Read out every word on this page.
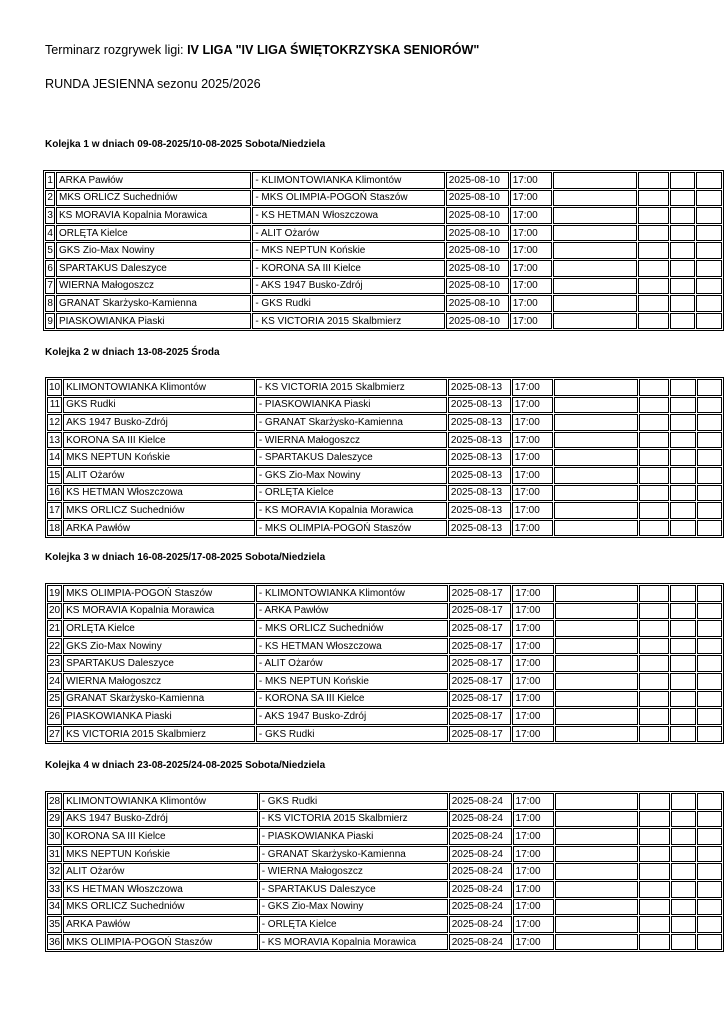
Terminarz rozgrywek ligi: IV LIGA "IV LIGA ŚWIĘTOKRZYSKA SENIORÓW"
RUNDA JESIENNA sezonu 2025/2026
Kolejka 1 w dniach 09-08-2025/10-08-2025 Sobota/Niedziela
1	ARKA Pawłów	- KLIMONTOWIANKA Klimontów	2025-08-10	17:00				
2	MKS ORLICZ Suchedniów	- MKS OLIMPIA-POGOŃ Staszów	2025-08-10	17:00				
3	KS MORAVIA Kopalnia Morawica	- KS HETMAN Włoszczowa	2025-08-10	17:00				
4	ORLĘTA Kielce	- ALIT Ożarów	2025-08-10	17:00				
5	GKS Zio-Max Nowiny	- MKS NEPTUN Końskie	2025-08-10	17:00				
6	SPARTAKUS Daleszyce	- KORONA SA III Kielce	2025-08-10	17:00				
7	WIERNA Małogoszcz	- AKS 1947 Busko-Zdrój	2025-08-10	17:00				
8	GRANAT Skarżysko-Kamienna	- GKS Rudki	2025-08-10	17:00				
9	PIASKOWIANKA Piaski	- KS VICTORIA 2015 Skalbmierz	2025-08-10	17:00				
Kolejka 2 w dniach 13-08-2025 Środa
10	KLIMONTOWIANKA Klimontów	- KS VICTORIA 2015 Skalbmierz	2025-08-13	17:00				
11	GKS Rudki	- PIASKOWIANKA Piaski	2025-08-13	17:00				
12	AKS 1947 Busko-Zdrój	- GRANAT Skarżysko-Kamienna	2025-08-13	17:00				
13	KORONA SA III Kielce	- WIERNA Małogoszcz	2025-08-13	17:00				
14	MKS NEPTUN Końskie	- SPARTAKUS Daleszyce	2025-08-13	17:00				
15	ALIT Ożarów	- GKS Zio-Max Nowiny	2025-08-13	17:00				
16	KS HETMAN Włoszczowa	- ORLĘTA Kielce	2025-08-13	17:00				
17	MKS ORLICZ Suchedniów	- KS MORAVIA Kopalnia Morawica	2025-08-13	17:00				
18	ARKA Pawłów	- MKS OLIMPIA-POGOŃ Staszów	2025-08-13	17:00				
Kolejka 3 w dniach 16-08-2025/17-08-2025 Sobota/Niedziela
19	MKS OLIMPIA-POGOŃ Staszów	- KLIMONTOWIANKA Klimontów	2025-08-17	17:00				
20	KS MORAVIA Kopalnia Morawica	- ARKA Pawłów	2025-08-17	17:00				
21	ORLĘTA Kielce	- MKS ORLICZ Suchedniów	2025-08-17	17:00				
22	GKS Zio-Max Nowiny	- KS HETMAN Włoszczowa	2025-08-17	17:00				
23	SPARTAKUS Daleszyce	- ALIT Ożarów	2025-08-17	17:00				
24	WIERNA Małogoszcz	- MKS NEPTUN Końskie	2025-08-17	17:00				
25	GRANAT Skarżysko-Kamienna	- KORONA SA III Kielce	2025-08-17	17:00				
26	PIASKOWIANKA Piaski	- AKS 1947 Busko-Zdrój	2025-08-17	17:00				
27	KS VICTORIA 2015 Skalbmierz	- GKS Rudki	2025-08-17	17:00				
Kolejka 4 w dniach 23-08-2025/24-08-2025 Sobota/Niedziela
28	KLIMONTOWIANKA Klimontów	- GKS Rudki	2025-08-24	17:00				
29	AKS 1947 Busko-Zdrój	- KS VICTORIA 2015 Skalbmierz	2025-08-24	17:00				
30	KORONA SA III Kielce	- PIASKOWIANKA Piaski	2025-08-24	17:00				
31	MKS NEPTUN Końskie	- GRANAT Skarżysko-Kamienna	2025-08-24	17:00				
32	ALIT Ożarów	- WIERNA Małogoszcz	2025-08-24	17:00				
33	KS HETMAN Włoszczowa	- SPARTAKUS Daleszyce	2025-08-24	17:00				
34	MKS ORLICZ Suchedniów	- GKS Zio-Max Nowiny	2025-08-24	17:00				
35	ARKA Pawłów	- ORLĘTA Kielce	2025-08-24	17:00				
36	MKS OLIMPIA-POGOŃ Staszów	- KS MORAVIA Kopalnia Morawica	2025-08-24	17:00				
